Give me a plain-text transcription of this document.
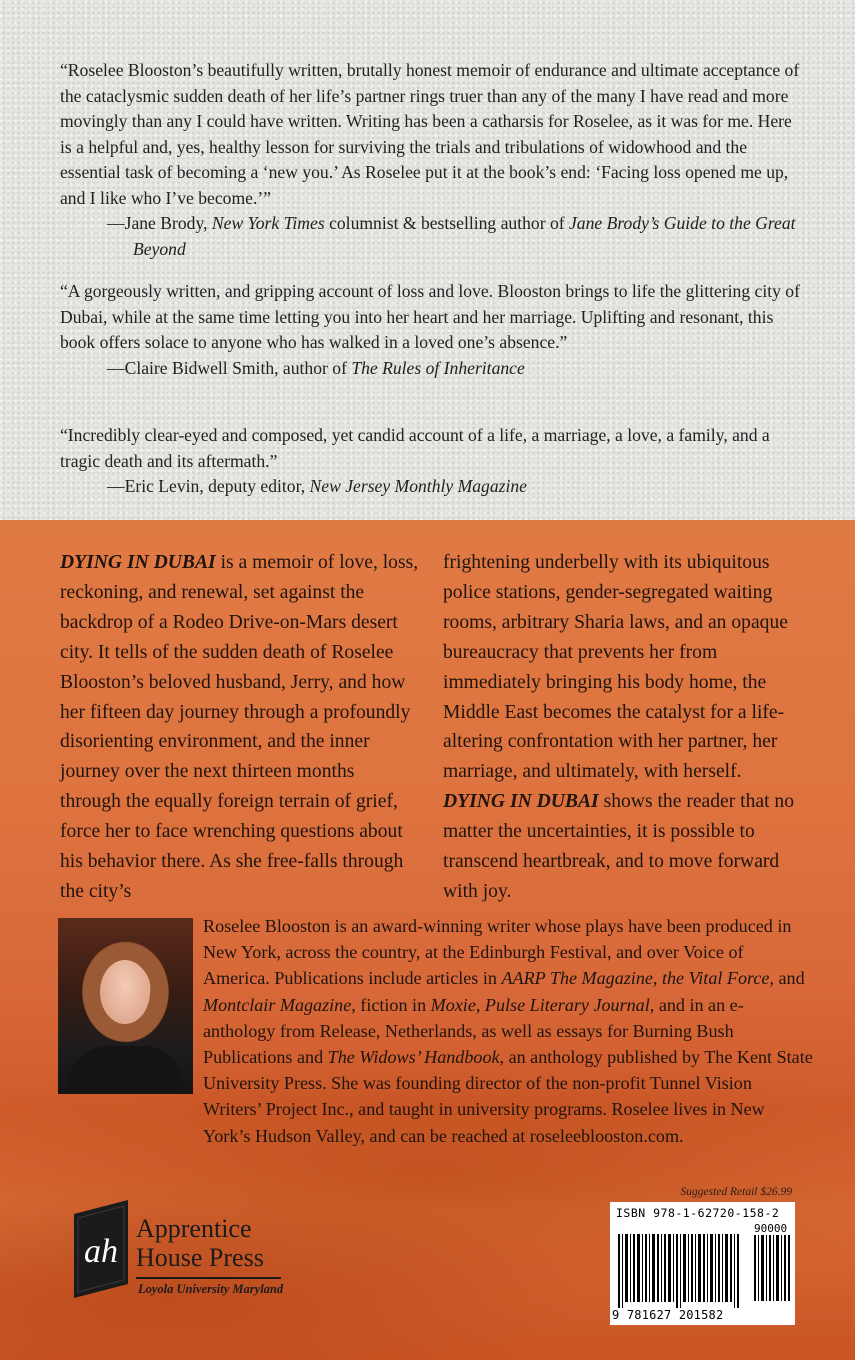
“Roselee Blooston’s beautifully written, brutally honest memoir of endurance and ultimate acceptance of the cataclysmic sudden death of her life’s partner rings truer than any of the many I have read and more movingly than any I could have written. Writing has been a catharsis for Roselee, as it was for me. Here is a helpful and, yes, healthy lesson for surviving the trials and tribulations of widowhood and the essential task of becoming a ‘new you.’ As Roselee put it at the book’s end: ‘Facing loss opened me up, and I like who I’ve become.’”
—Jane Brody, New York Times columnist & bestselling author of Jane Brody’s Guide to the Great Beyond
“A gorgeously written, and gripping account of loss and love. Blooston brings to life the glittering city of Dubai, while at the same time letting you into her heart and her marriage. Uplifting and resonant, this book offers solace to anyone who has walked in a loved one’s absence.”
—Claire Bidwell Smith, author of The Rules of Inheritance
“Incredibly clear-eyed and composed, yet candid account of a life, a marriage, a love, a family, and a tragic death and its aftermath.”
—Eric Levin, deputy editor, New Jersey Monthly Magazine
DYING IN DUBAI is a memoir of love, loss, reckoning, and renewal, set against the backdrop of a Rodeo Drive-on-Mars desert city. It tells of the sudden death of Roselee Blooston’s beloved husband, Jerry, and how her fifteen day journey through a profoundly disorienting environment, and the inner journey over the next thirteen months through the equally foreign terrain of grief, force her to face wrenching questions about his behavior there. As she free-falls through the city’s
frightening underbelly with its ubiquitous police stations, gender-segregated waiting rooms, arbitrary Sharia laws, and an opaque bureaucracy that prevents her from immediately bringing his body home, the Middle East becomes the catalyst for a life-altering confrontation with her partner, her marriage, and ultimately, with herself. DYING IN DUBAI shows the reader that no matter the uncertainties, it is possible to transcend heartbreak, and to move forward with joy.
Roselee Blooston is an award-winning writer whose plays have been produced in New York, across the country, at the Edinburgh Festival, and over Voice of America. Publications include articles in AARP The Magazine, the Vital Force, and Montclair Magazine, fiction in Moxie, Pulse Literary Journal, and in an e-anthology from Release, Netherlands, as well as essays for Burning Bush Publications and The Widows’ Handbook, an anthology published by The Kent State University Press. She was founding director of the non-profit Tunnel Vision Writers’ Project Inc., and taught in university programs. Roselee lives in New York’s Hudson Valley, and can be reached at roseleeblooston.com.
ah
Apprentice
House Press
Loyola University Maryland
Suggested Retail $26.99
ISBN 978-1-62720-158-2
90000
9 781627 201582
